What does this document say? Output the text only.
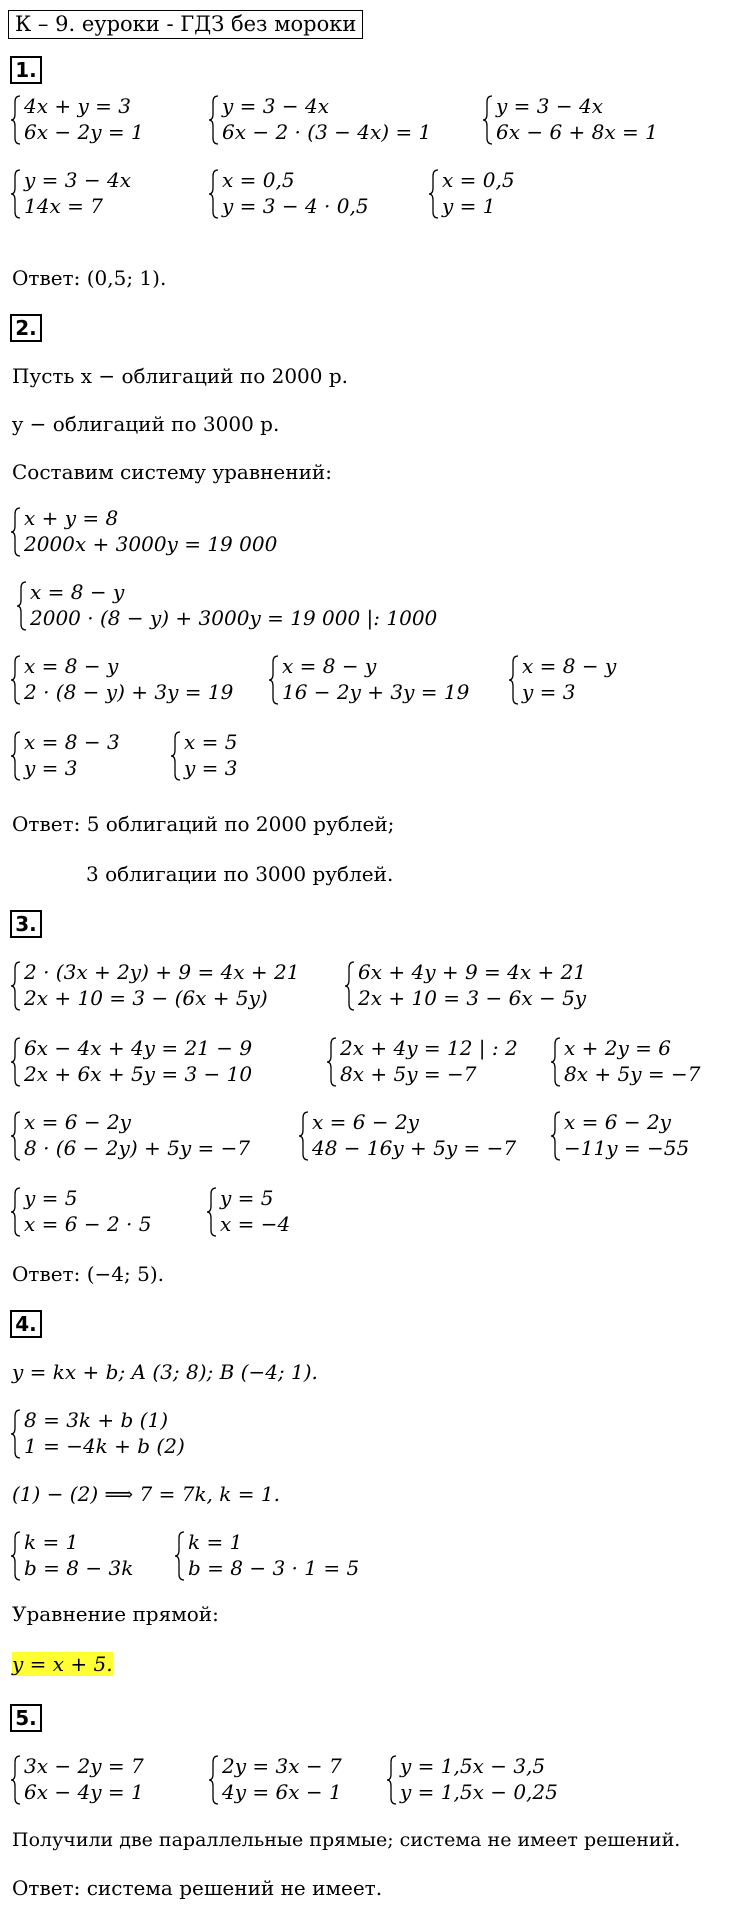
К – 9. еуроки - ГДЗ без мороки
1.
4x + y = 3
6x − 2y = 1
y = 3 − 4x
6x − 2 · (3 − 4x) = 1
y = 3 − 4x
6x − 6 + 8x = 1
y = 3 − 4x
14x = 7
x = 0,5
y = 3 − 4 · 0,5
x = 0,5
y = 1
Ответ: (0,5; 1).
2.
Пусть x − облигаций по 2000 р.
y − облигаций по 3000 р.
Составим систему уравнений:
x + y = 8
2000x + 3000y = 19 000
x = 8 − y
2000 · (8 − y) + 3000y = 19 000 |: 1000
x = 8 − y
2 · (8 − y) + 3y = 19
x = 8 − y
16 − 2y + 3y = 19
x = 8 − y
y = 3
x = 8 − 3
y = 3
x = 5
y = 3
Ответ: 5 облигаций по 2000 рублей;
3 облигации по 3000 рублей.
3.
2 · (3x + 2y) + 9 = 4x + 21
2x + 10 = 3 − (6x + 5y)
6x + 4y + 9 = 4x + 21
2x + 10 = 3 − 6x − 5y
6x − 4x + 4y = 21 − 9
2x + 6x + 5y = 3 − 10
2x + 4y = 12 | : 2
8x + 5y = −7
x + 2y = 6
8x + 5y = −7
x = 6 − 2y
8 · (6 − 2y) + 5y = −7
x = 6 − 2y
48 − 16y + 5y = −7
x = 6 − 2y
−11y = −55
y = 5
x = 6 − 2 · 5
y = 5
x = −4
Ответ: (−4; 5).
4.
y = kx + b; A (3; 8); B (−4; 1).
8 = 3k + b (1)
1 = −4k + b (2)
(1) − (2) ⟹ 7 = 7k, k = 1.
k = 1
b = 8 − 3k
k = 1
b = 8 − 3 · 1 = 5
Уравнение прямой:
y = x + 5.
5.
3x − 2y = 7
6x − 4y = 1
2y = 3x − 7
4y = 6x − 1
y = 1,5x − 3,5
y = 1,5x − 0,25
Получили две параллельные прямые; система не имеет решений.
Ответ: система решений не имеет.
